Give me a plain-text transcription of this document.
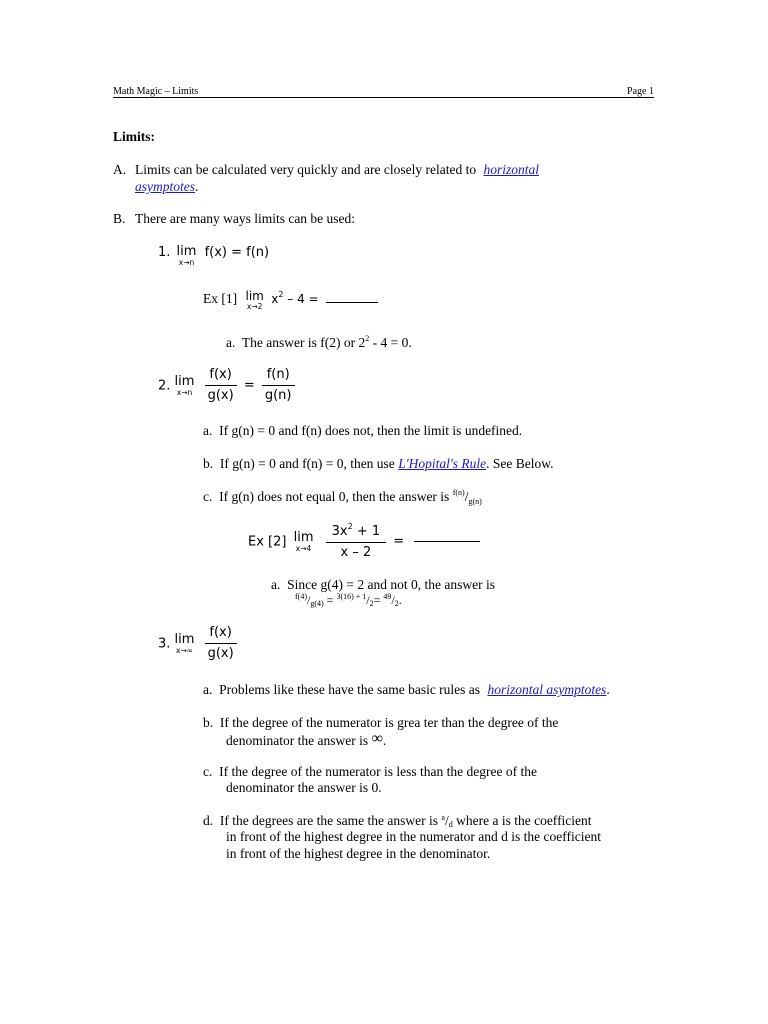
Math Magic – Limits	Page 1
Limits:
A. Limits can be calculated very quickly and are closely related to horizontal
asymptotes.
B. There are many ways limits can be used:
1. lim
x→n
f(x) = f(n)
Ex [1] lim
x→2
$x^2 - 4$ =
a. The answer is f(2) or $2^2 - 4 = 0$.
2. lim
x→n
$\frac{f(x)}{g(x)} = \frac{f(n)}{g(n)}$
a. If g(n) = 0 and f(n) does not, then the limit is undefined.
b. If g(n) = 0 and f(n) = 0, then use L'Hopital's Rule. See Below.
c. If g(n) does not equal 0, then the answer is $^{f(n)}/_{g(n)}$
Ex [2] lim
x→4
$\frac{3x^2 + 1}{x - 2}$ =
a. Since g(4) = 2 and not 0, the answer is
$^{f(4)}$/g(4) = $^{3(16) + 1}$/2= $^{49}$/2.
3. lim
x→∞
$\frac{f(x)}{g(x)}$
a. Problems like these have the same basic rules as horizontal asymptotes.
b. If the degree of the numerator is grea ter than the degree of the
denominator the answer is ∞.
c. If the degree of the numerator is less than the degree of the
denominator the answer is 0.
d. If the degrees are the same the answer is $^a$/d where a is the coefficient
in front of the highest degree in the numerator and d is the coefficient
in front of the highest degree in the denominator.
